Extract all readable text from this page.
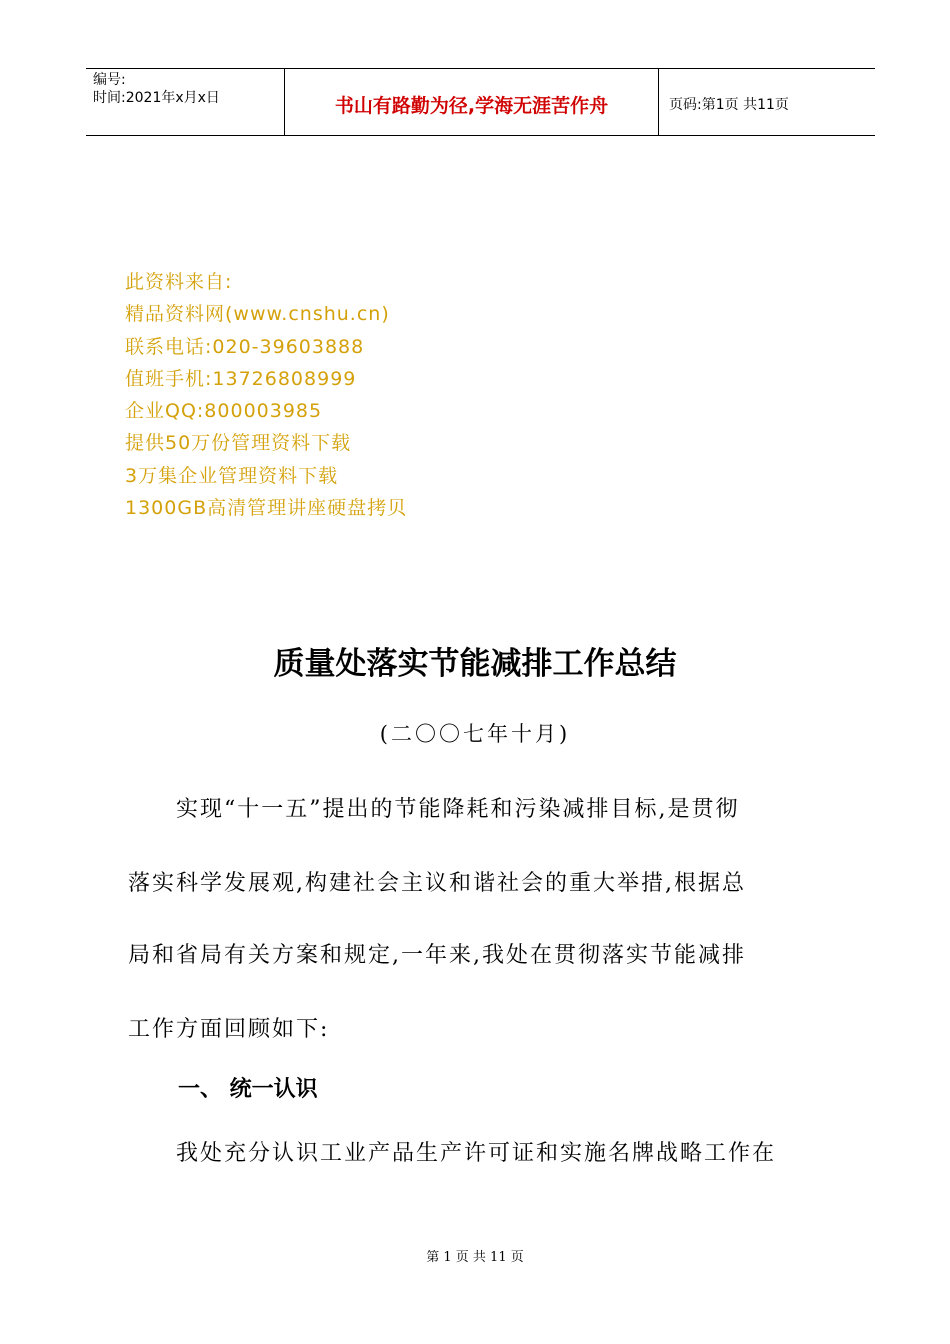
编号:
时间:2021年x月x日	书山有路勤为径,学海无涯苦作舟	页码:第1页 共11页
此资料来自:
精品资料网(www.cnshu.cn)
联系电话:020-39603888
值班手机:13726808999
企业QQ:800003985
提供50万份管理资料下载
3万集企业管理资料下载
1300GB高清管理讲座硬盘拷贝
质量处落实节能减排工作总结
(二〇〇七年十月)
　　实现“十一五”提出的节能降耗和污染减排目标,是贯彻
落实科学发展观,构建社会主议和谐社会的重大举措,根据总
局和省局有关方案和规定,一年来,我处在贯彻落实节能减排
工作方面回顾如下:
一、 统一认识
　　我处充分认识工业产品生产许可证和实施名牌战略工作在
第 1 页 共 11 页
